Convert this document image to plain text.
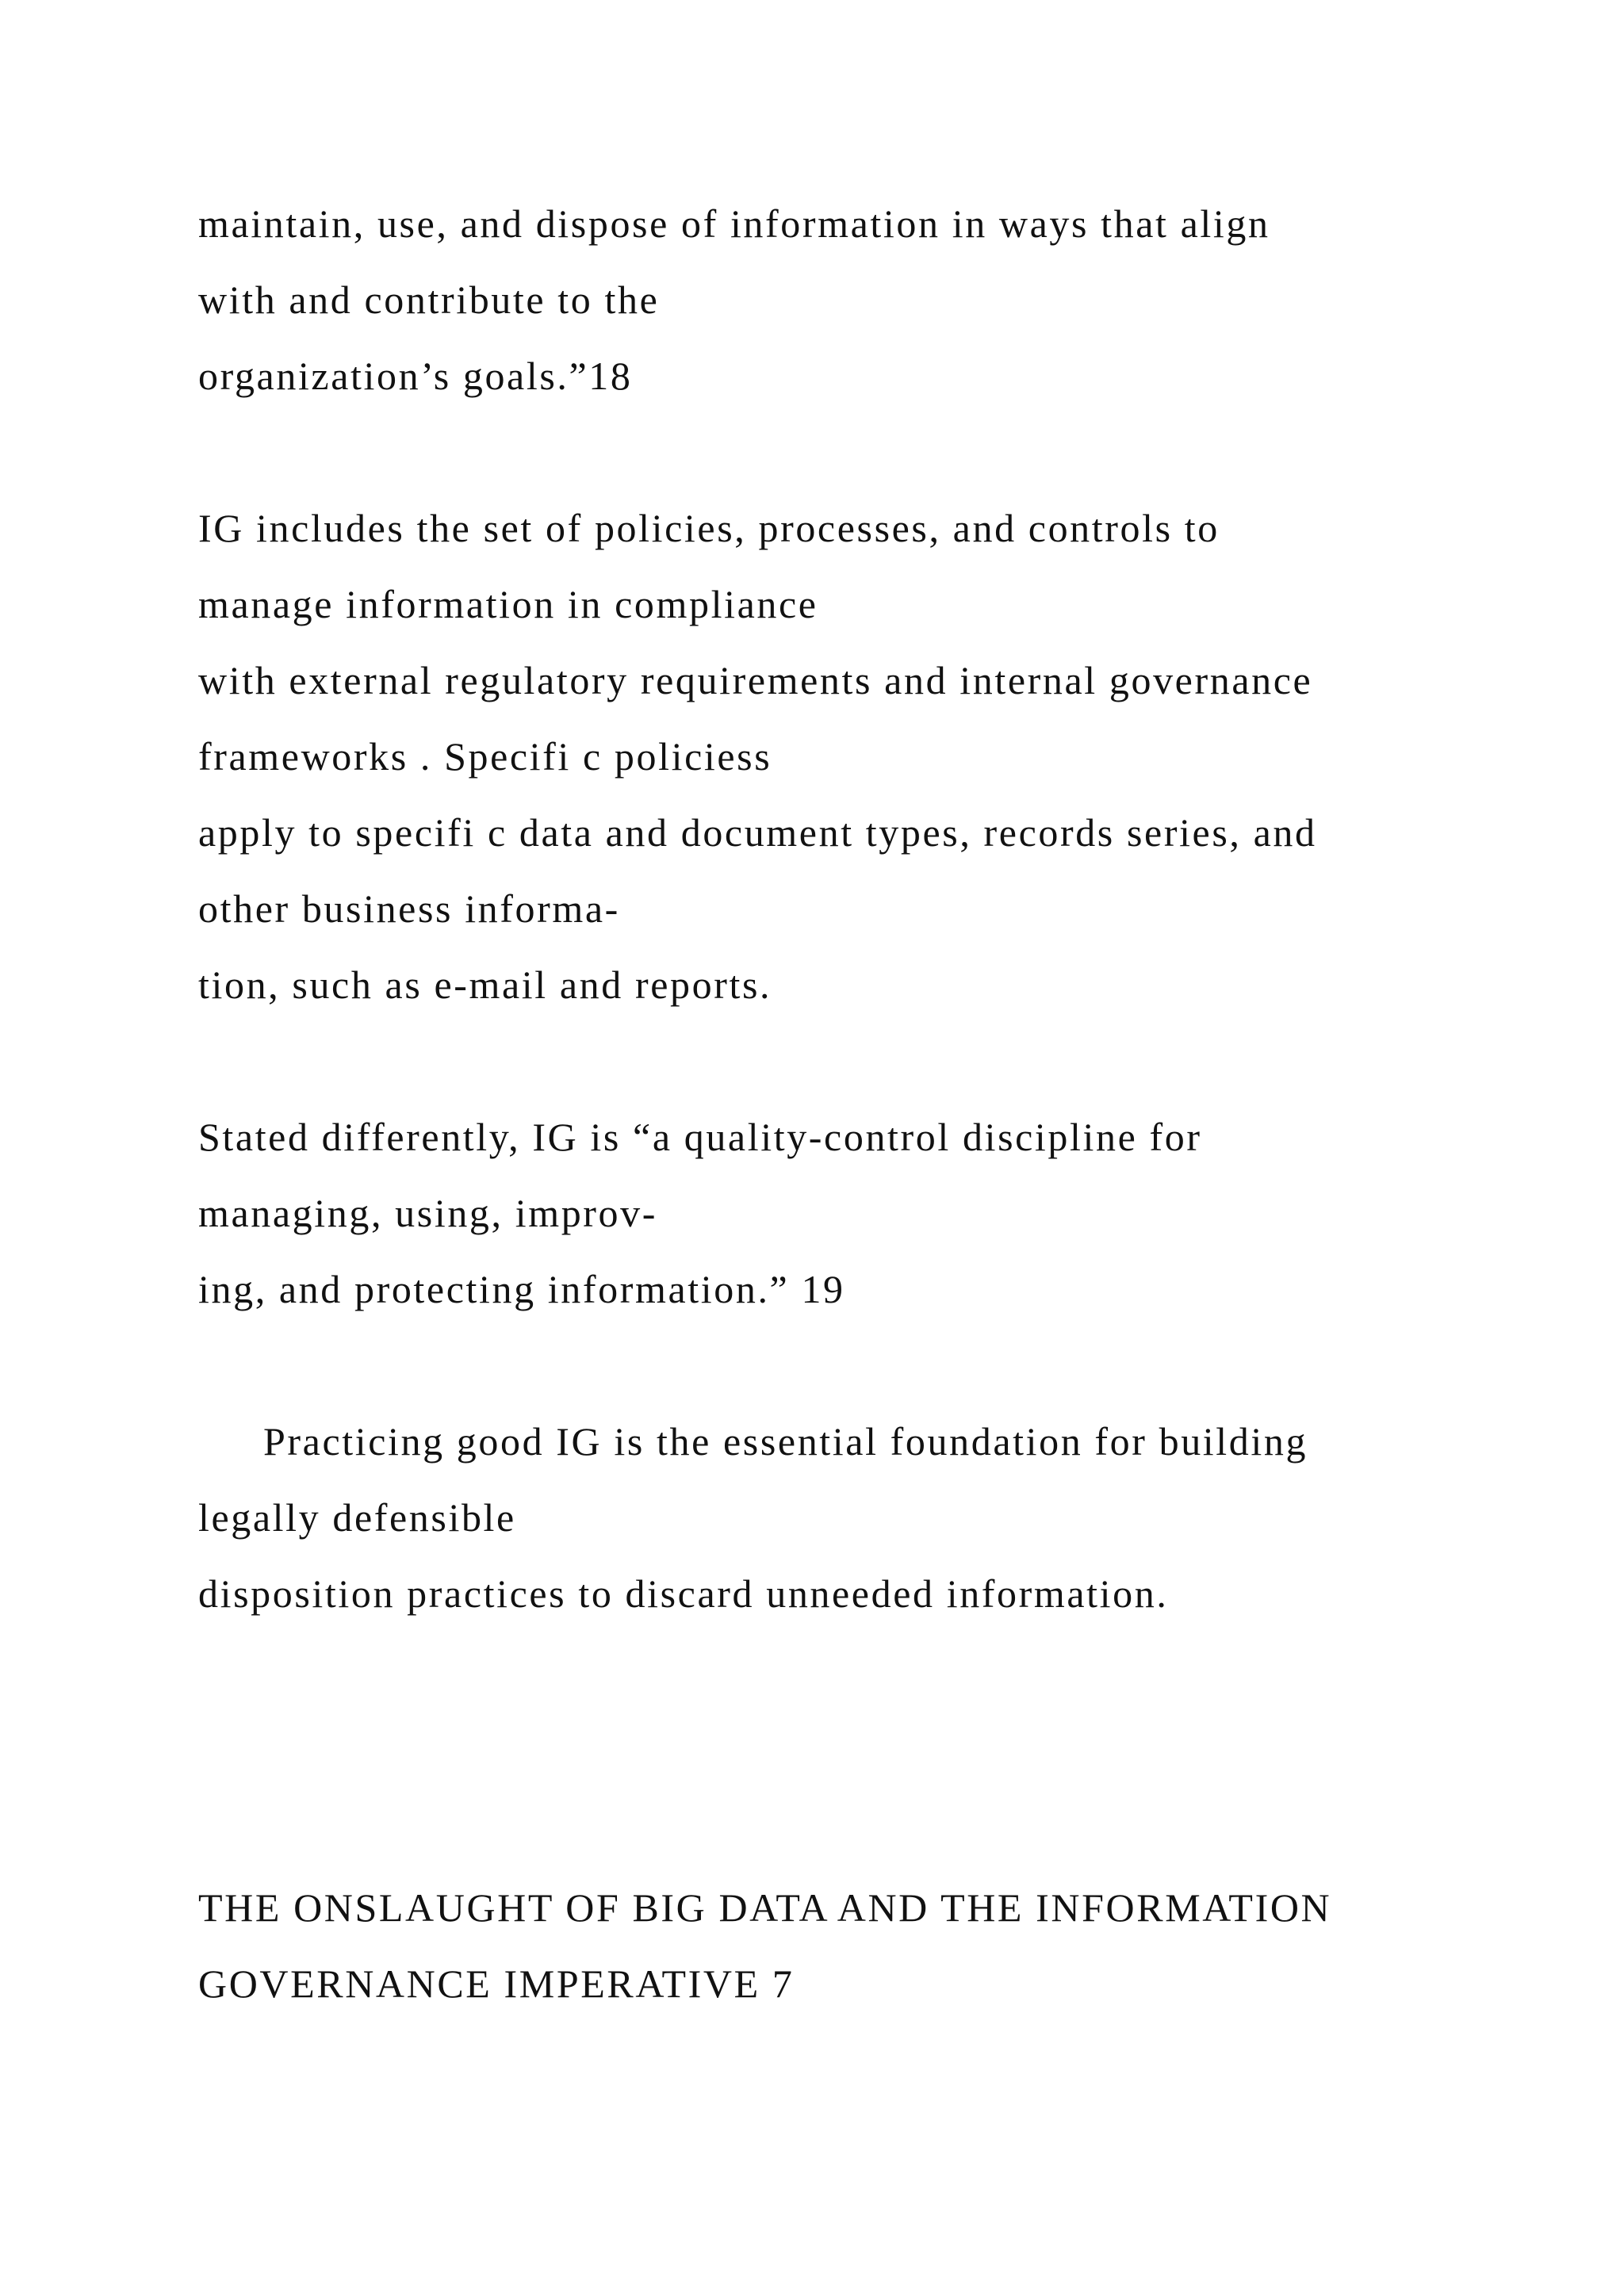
maintain, use, and dispose of information in ways that align
with and contribute to the
organization’s goals.”18
IG includes the set of policies, processes, and controls to
manage information in compliance
with external regulatory requirements and internal governance
frameworks . Specifi c policiess
apply to specifi c data and document types, records series, and
other business informa-
tion, such as e-mail and reports.
Stated differently, IG is “a quality-control discipline for
managing, using, improv-
ing, and protecting information.” 19
Practicing good IG is the essential foundation for building
legally defensible
disposition practices to discard unneeded information.
THE ONSLAUGHT OF BIG DATA AND THE INFORMATION
GOVERNANCE IMPERATIVE 7
